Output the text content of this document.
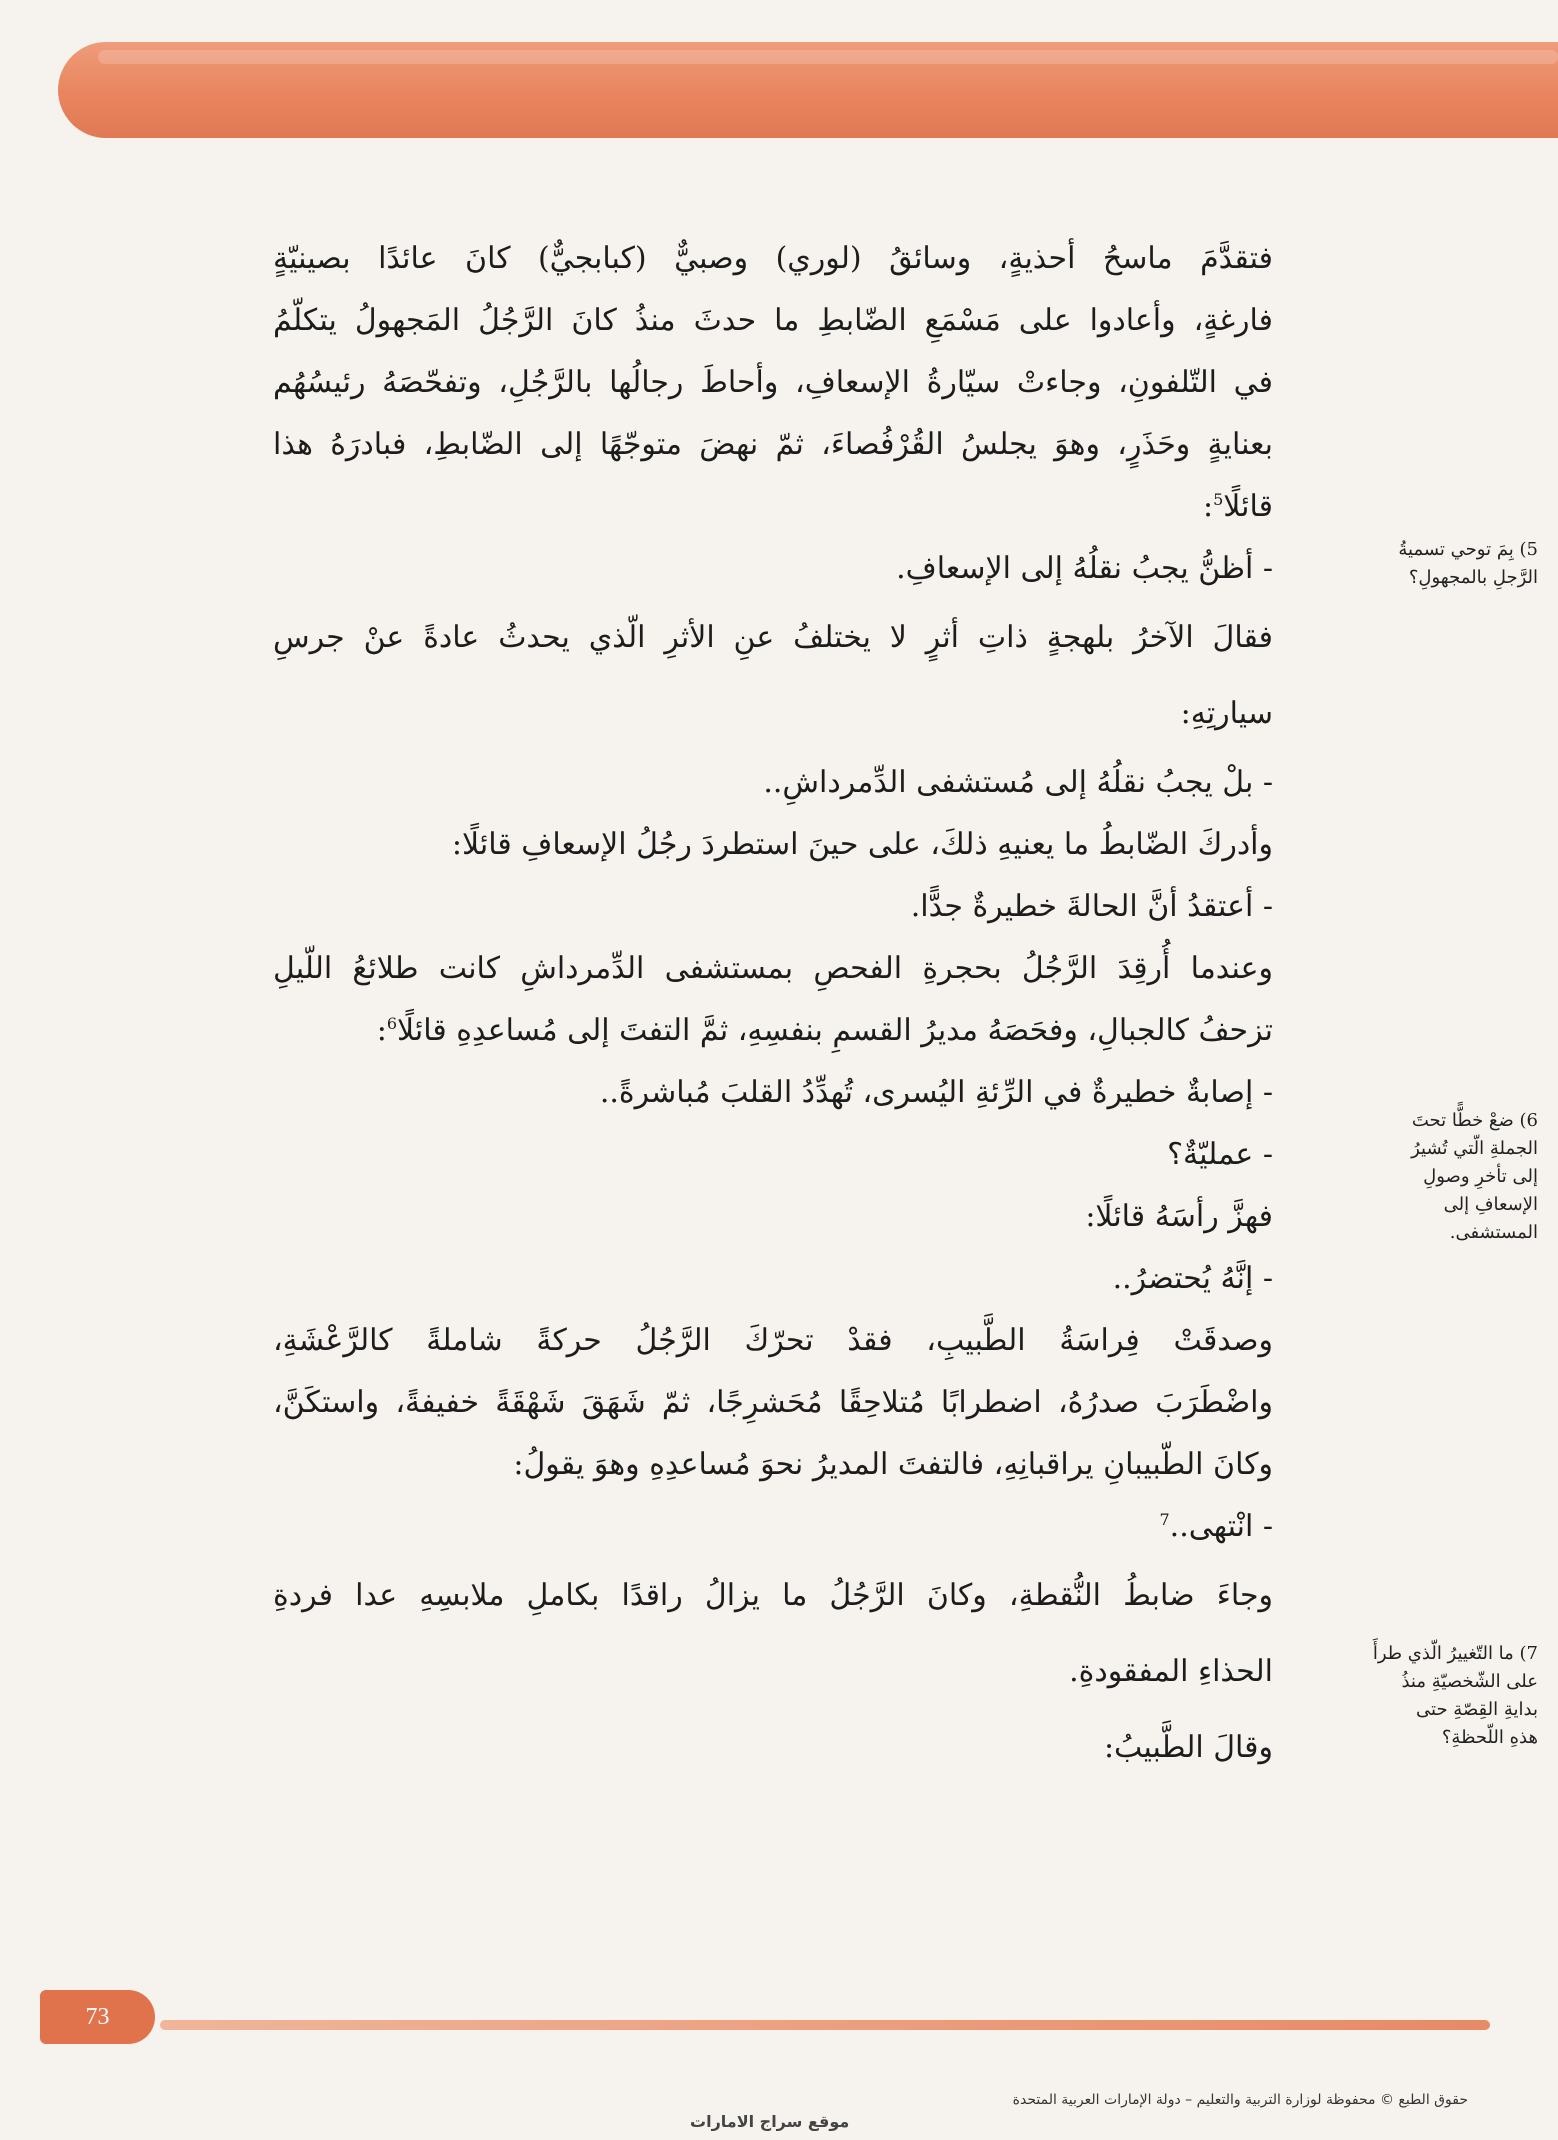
فتقدَّمَ ماسحُ أحذيةٍ، وسائقُ (لوري) وصبيٌّ (كبابجيٌّ) كانَ عائدًا بصينيّةٍ

فارغةٍ، وأعادوا على مَسْمَعِ الضّابطِ ما حدثَ منذُ كانَ الرَّجُلُ المَجهولُ يتكلّمُ

في التّلفونِ، وجاءتْ سيّارةُ الإسعافِ، وأحاطَ رجالُها بالرَّجُلِ، وتفحّصَهُ رئيسُهُم

بعنايةٍ وحَذَرٍ، وهوَ يجلسُ القُرْفُصاءَ، ثمّ نهضَ متوجّهًا إلى الضّابطِ، فبادرَهُ هذا

قائلًا$^5$:

- أظنُّ يجبُ نقلُهُ إلى الإسعافِ.

فقالَ الآخرُ بلهجةٍ ذاتِ أثرٍ لا يختلفُ عنِ الأثرِ الّذي يحدثُ عادةً عنْ جرسِ

سيارتِهِ:

- بلْ يجبُ نقلُهُ إلى مُستشفى الدِّمرداشِ..

وأدركَ الضّابطُ ما يعنيهِ ذلكَ، على حينَ استطردَ رجُلُ الإسعافِ قائلًا:

- أعتقدُ أنَّ الحالةَ خطيرةٌ جدًّا.

وعندما أُرقِدَ الرَّجُلُ بحجرةِ الفحصِ بمستشفى الدِّمرداشِ كانت طلائعُ اللّيلِ

تزحفُ كالجبالِ، وفحَصَهُ مديرُ القسمِ بنفسِهِ، ثمَّ التفتَ إلى مُساعدِهِ قائلًا$^6$:

- إصابةٌ خطيرةٌ في الرِّئةِ اليُسرى، تُهدِّدُ القلبَ مُباشرةً..

- عمليّةٌ؟

فهزَّ رأسَهُ قائلًا:

- إنَّهُ يُحتضرُ..

وصدقَتْ فِراسَةُ الطَّبيبِ، فقدْ تحرّكَ الرَّجُلُ حركةً شاملةً كالرَّعْشَةِ،

واضْطَرَبَ صدرُهُ، اضطرابًا مُتلاحِقًا مُحَشرِجًا، ثمّ شَهَقَ شَهْقَةً خفيفةً، واستكَنَّ،

وكانَ الطّبيبانِ يراقبانِهِ، فالتفتَ المديرُ نحوَ مُساعدِهِ وهوَ يقولُ:

- انْتهى..$^7$

وجاءَ ضابطُ النُّقطةِ، وكانَ الرَّجُلُ ما يزالُ راقدًا بكاملِ ملابسِهِ عدا فردةِ

الحذاءِ المفقودةِ.

وقالَ الطَّبيبُ:

5) بِمَ توحي تسميةُ
الرَّجلِ بالمجهولِ؟
6) ضعْ خطًّا تحتَ
الجملةِ الّتي تُشيرُ
إلى تأخرِ وصولِ
الإسعافِ إلى
المستشفى.
7) ما التّغييرُ الّذي طرأَ
على الشّخصيّةِ منذُ
بدايةِ القِصّةِ حتى
هذهِ اللّحظةِ؟
73
حقوق الطبع © محفوظة لوزارة التربية والتعليم – دولة الإمارات العربية المتحدة
موقع سراج الامارات
